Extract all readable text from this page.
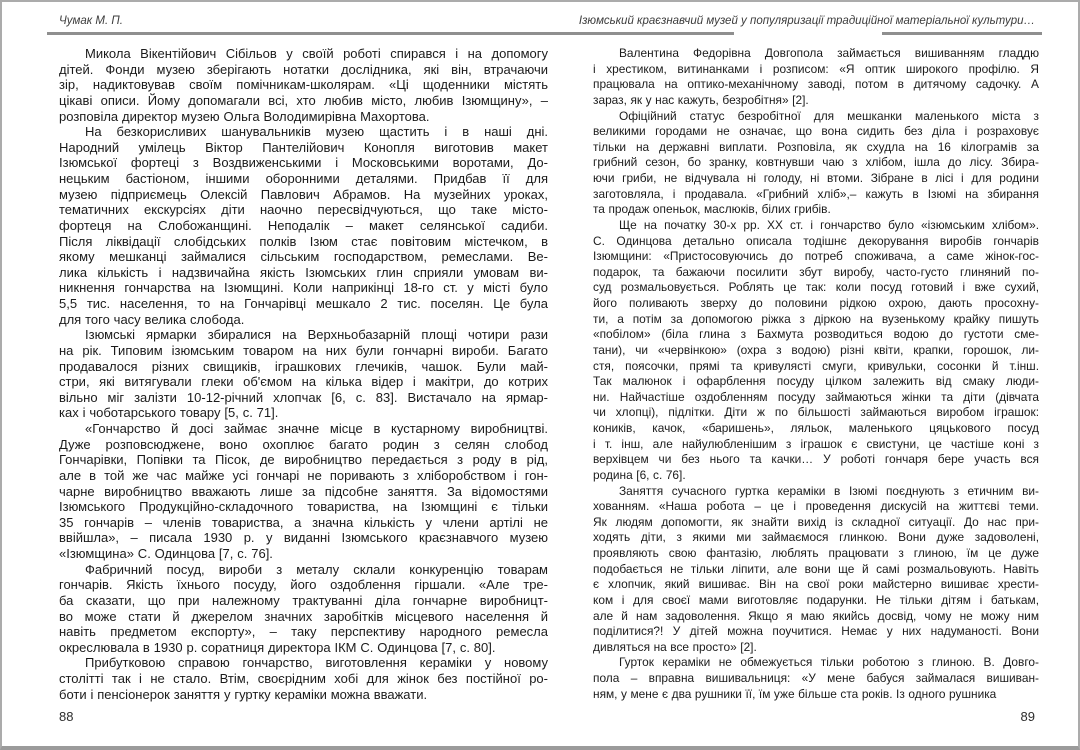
Чумак М. П.	Ізюмський краєзнавчий музей у популяризації традиційної матеріальної культури…
Микола Вікентійович Сібільов у своїй роботі спирався і на допомогу
дітей. Фонди музею зберігають нотатки дослідника, які він, втрачаючи
зір, надиктовував своїм помічникам-школярам. «Ці щоденники містять
цікаві описи. Йому допомагали всі, хто любив місто, любив Ізюмщину», –
розповіла директор музею Ольга Володимирівна Махортова.
На безкорисливих шанувальників музею щастить і в наші дні.
Народний умілець Віктор Пантелійович Конопля виготовив макет
Ізюмської фортеці з Воздвиженськими і Московськими воротами, До-
нецьким бастіоном, іншими оборонними деталями. Придбав її для
музею підприємець Олексій Павлович Абрамов. На музейних уроках,
тематичних екскурсіях діти наочно пересвідчуються, що таке місто-
фортеця на Слобожанщині. Неподалік – макет селянської садиби.
Після ліквідації слобідських полків Ізюм стає повітовим містечком, в
якому мешканці займалися сільським господарством, ремеслами. Ве-
лика кількість і надзвичайна якість Ізюмських глин сприяли умовам ви-
никнення гончарства на Ізюмщині. Коли наприкінці 18-го ст. у місті було
5,5 тис. населення, то на Гончарівці мешкало 2 тис. поселян. Це була
для того часу велика слобода.
Ізюмські ярмарки збиралися на Верхньобазарній площі чотири рази
на рік. Типовим ізюмським товаром на них були гончарні вироби. Багато
продавалося різних свищиків, іграшкових глечиків, чашок. Були май-
стри, які витягували глеки об'ємом на кілька відер і макітри, до котрих
вільно міг залізти 10-12-річний хлопчак [6, с. 83]. Вистачало на ярмар-
ках і чоботарського товару [5, с. 71].
«Гончарство й досі займає значне місце в кустарному виробництві.
Дуже розповсюджене, воно охоплює багато родин з селян слобод
Гончарівки, Попівки та Пісок, де виробництво передається з роду в рід,
але в той же час майже усі гончарі не поривають з хліборобством і гон-
чарне виробництво вважають лише за підсобне заняття. За відомостями
Ізюмського Продукційно-складочного товариства, на Ізюмщині є тільки
35 гончарів – членів товариства, а значна кількість у члени артілі не
ввійшла», – писала 1930 р. у виданні Ізюмського краєзнавчого музею
«Ізюмщина» С. Одинцова [7, с. 76].
Фабричний посуд, вироби з металу склали конкуренцію товарам
гончарів. Якість їхнього посуду, його оздоблення гіршали. «Але тре-
ба сказати, що при належному трактуванні діла гончарне виробницт-
во може стати й джерелом значних заробітків місцевого населення й
навіть предметом експорту», – таку перспективу народного ремесла
окреслювала в 1930 р. соратниця директора ІКМ С. Одинцова [7, с. 80].
Прибутковою справою гончарство, виготовлення кераміки у новому
столітті так і не стало. Втім, своєрідним хобі для жінок без постійної ро-
боти і пенсіонерок заняття у гуртку кераміки можна вважати.
Валентина Федорівна Довгопола займається вишиванням гладдю
і хрестиком, витинанками і розписом: «Я оптик широкого профілю. Я
працювала на оптико-механічному заводі, потом в дитячому садочку. А
зараз, як у нас кажуть, безробітня» [2].
Офіційний статус безробітної для мешканки маленького міста з
великими городами не означає, що вона сидить без діла і розраховує
тільки на державні виплати. Розповіла, як схудла на 16 кілограмів за
грибний сезон, бо зранку, ковтнувши чаю з хлібом, ішла до лісу. Збира-
ючи гриби, не відчувала ні голоду, ні втоми. Зібране в лісі і для родини
заготовляла, і продавала. «Грибний хліб»,– кажуть в Ізюмі на збирання
та продаж опеньок, маслюків, білих грибів.
Ще на початку 30-х рр. ХХ ст. і гончарство було «ізюмським хлібом».
С. Одинцова детально описала тодішнє декорування виробів гончарів
Ізюмщини: «Пристосовуючись до потреб споживача, а саме жінок-гос-
подарок, та бажаючи посилити збут виробу, часто-густо глиняний по-
суд розмальовується. Роблять це так: коли посуд готовий і вже сухий,
його поливають зверху до половини рідкою охрою, дають просохну-
ти, а потім за допомогою ріжка з діркою на вузенькому крайку пишуть
«побілом» (біла глина з Бахмута розводиться водою до густоти сме-
тани), чи «червінкою» (охра з водою) різні квіти, крапки, горошок, ли-
стя, поясочки, прямі та кривулясті смуги, кривульки, сосонки й т.інш.
Так малюнок і офарблення посуду цілком залежить від смаку люди-
ни. Найчастіше оздобленням посуду займаються жінки та діти (дівчата
чи хлопці), підлітки. Діти ж по більшості займаються виробом іграшок:
коників, качок, «баришень», ляльок, маленького цяцькового посуд
і т. інш, але найулюбленішим з іграшок є свистуни, це частіше коні з
верхівцем чи без нього та качки… У роботі гончаря бере участь вся
родина [6, с. 76].
Заняття сучасного гуртка кераміки в Ізюмі поєднують з етичним ви-
хованням. «Наша робота – це і проведення дискусій на життєві теми.
Як людям допомогти, як знайти вихід із складної ситуації. До нас при-
ходять діти, з якими ми займаємося глинкою. Вони дуже задоволені,
проявляють свою фантазію, люблять працювати з глиною, їм це дуже
подобається не тільки ліпити, але вони ще й самі розмальовують. Навіть
є хлопчик, який вишиває. Він на свої роки майстерно вишиває хрести-
ком і для своєї мами виготовляє подарунки. Не тільки дітям і батькам,
але й нам задоволення. Якщо я маю якийсь досвід, чому не можу ним
поділитися?! У дітей можна поучитися. Немає у них надуманості. Вони
дивляться на все просто» [2].
Гурток кераміки не обмежується тільки роботою з глиною. В. Довго-
пола – вправна вишивальниця: «У мене бабуся займалася вишиван-
ням, у мене є два рушники її, їм уже більше ста років. Із одного рушника
88	89
